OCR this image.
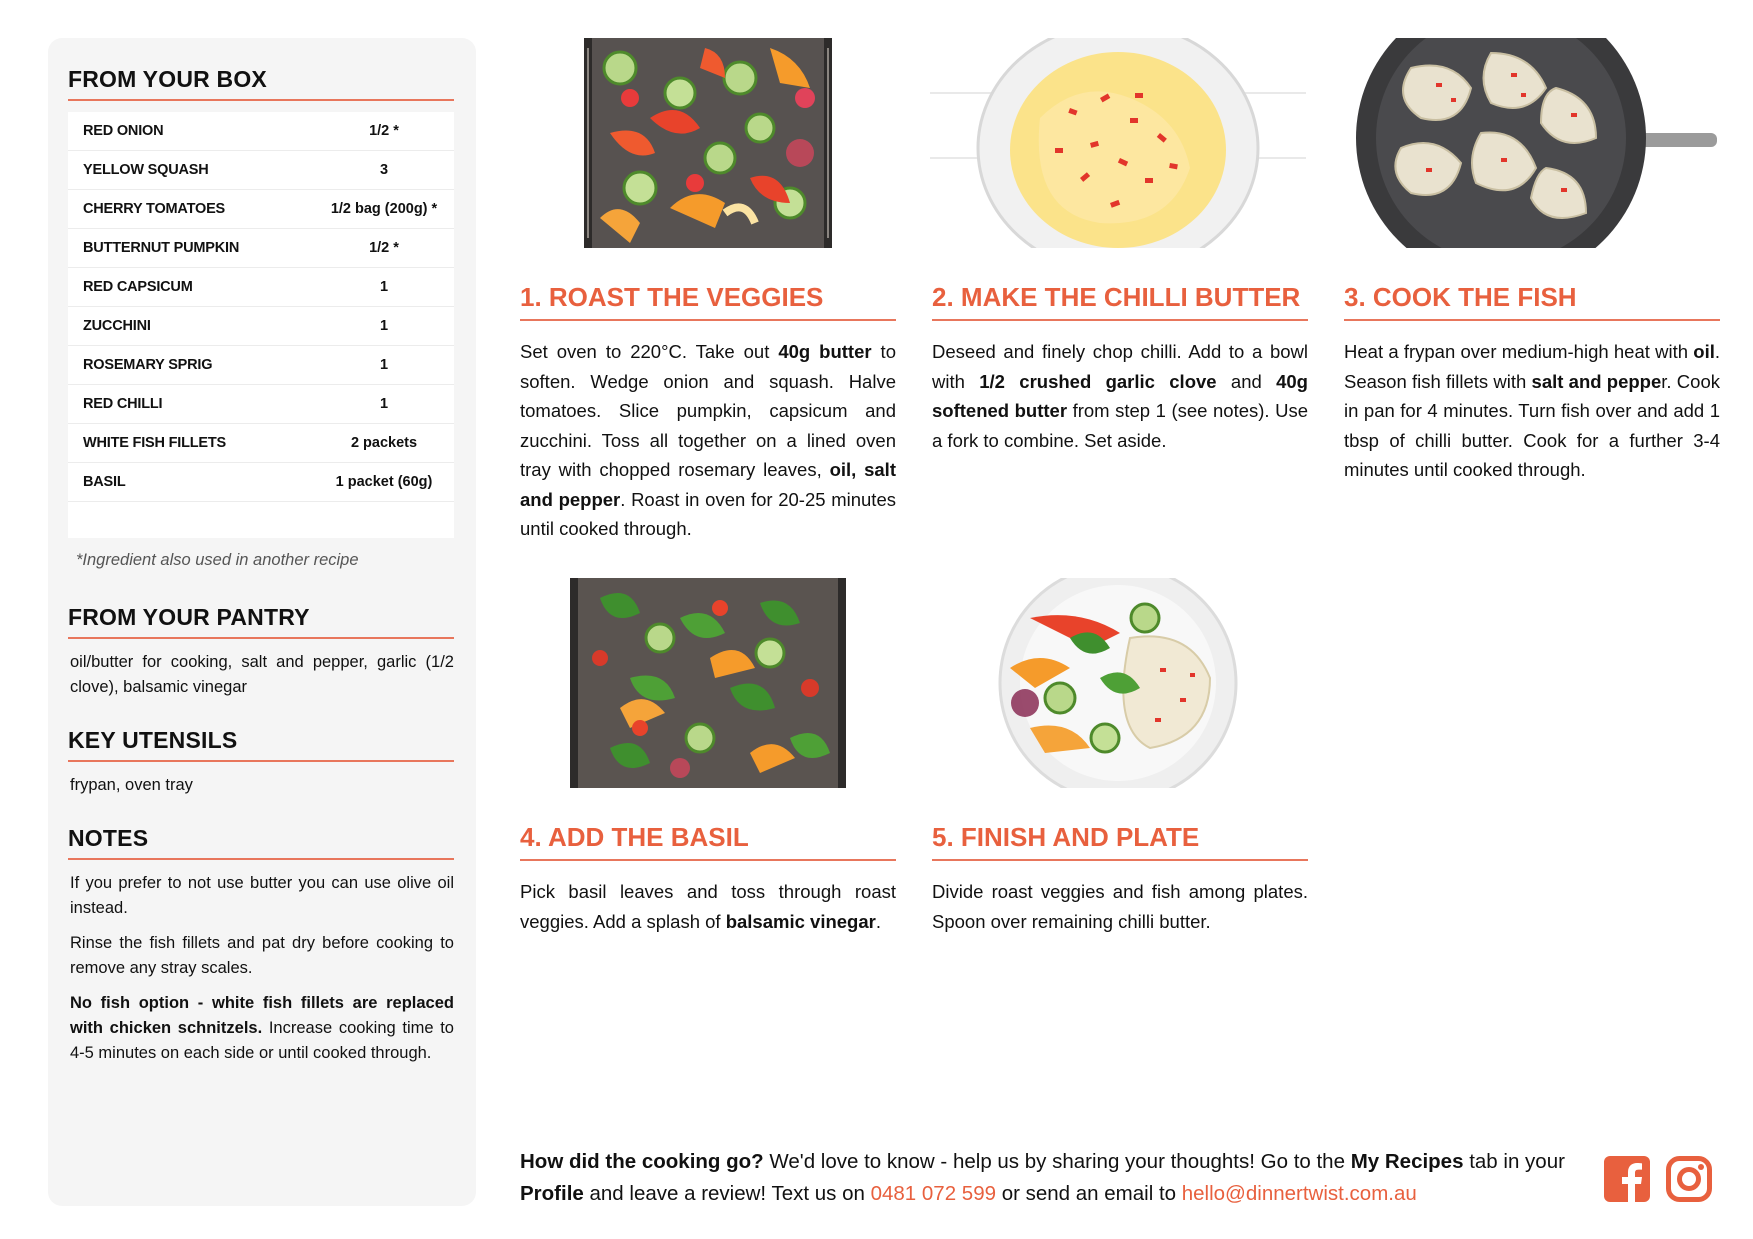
FROM YOUR BOX
RED ONION	1/2 *
YELLOW SQUASH	3
CHERRY TOMATOES	1/2 bag (200g) *
BUTTERNUT PUMPKIN	1/2 *
RED CAPSICUM	1
ZUCCHINI	1
ROSEMARY SPRIG	1
RED CHILLI	1
WHITE FISH FILLETS	2 packets
BASIL	1 packet (60g)
*Ingredient also used in another recipe
FROM YOUR PANTRY
oil/butter for cooking, salt and pepper, garlic (1/2 clove), balsamic vinegar
KEY UTENSILS
frypan, oven tray
NOTES
If you prefer to not use butter you can use olive oil instead.
Rinse the fish fillets and pat dry before cooking to remove any stray scales.
No fish option - white fish fillets are replaced with chicken schnitzels. Increase cooking time to 4-5 minutes on each side or until cooked through.
1. ROAST THE VEGGIES
Set oven to 220°C. Take out 40g butter to soften. Wedge onion and squash. Halve tomatoes. Slice pumpkin, capsicum and zucchini. Toss all together on a lined oven tray with chopped rosemary leaves, oil, salt and pepper. Roast in oven for 20-25 minutes until cooked through.
2. MAKE THE CHILLI BUTTER
Deseed and finely chop chilli. Add to a bowl with 1/2 crushed garlic clove and 40g softened butter from step 1 (see notes). Use a fork to combine. Set aside.
3. COOK THE FISH
Heat a frypan over medium-high heat with oil. Season fish fillets with salt and pepper. Cook in pan for 4 minutes. Turn fish over and add 1 tbsp of chilli butter. Cook for a further 3-4 minutes until cooked through.
4. ADD THE BASIL
Pick basil leaves and toss through roast veggies. Add a splash of balsamic vinegar.
5. FINISH AND PLATE
Divide roast veggies and fish among plates. Spoon over remaining chilli butter.
How did the cooking go? We'd love to know - help us by sharing your thoughts! Go to the My Recipes tab in your Profile and leave a review! Text us on 0481 072 599 or send an email to hello@dinnertwist.com.au
